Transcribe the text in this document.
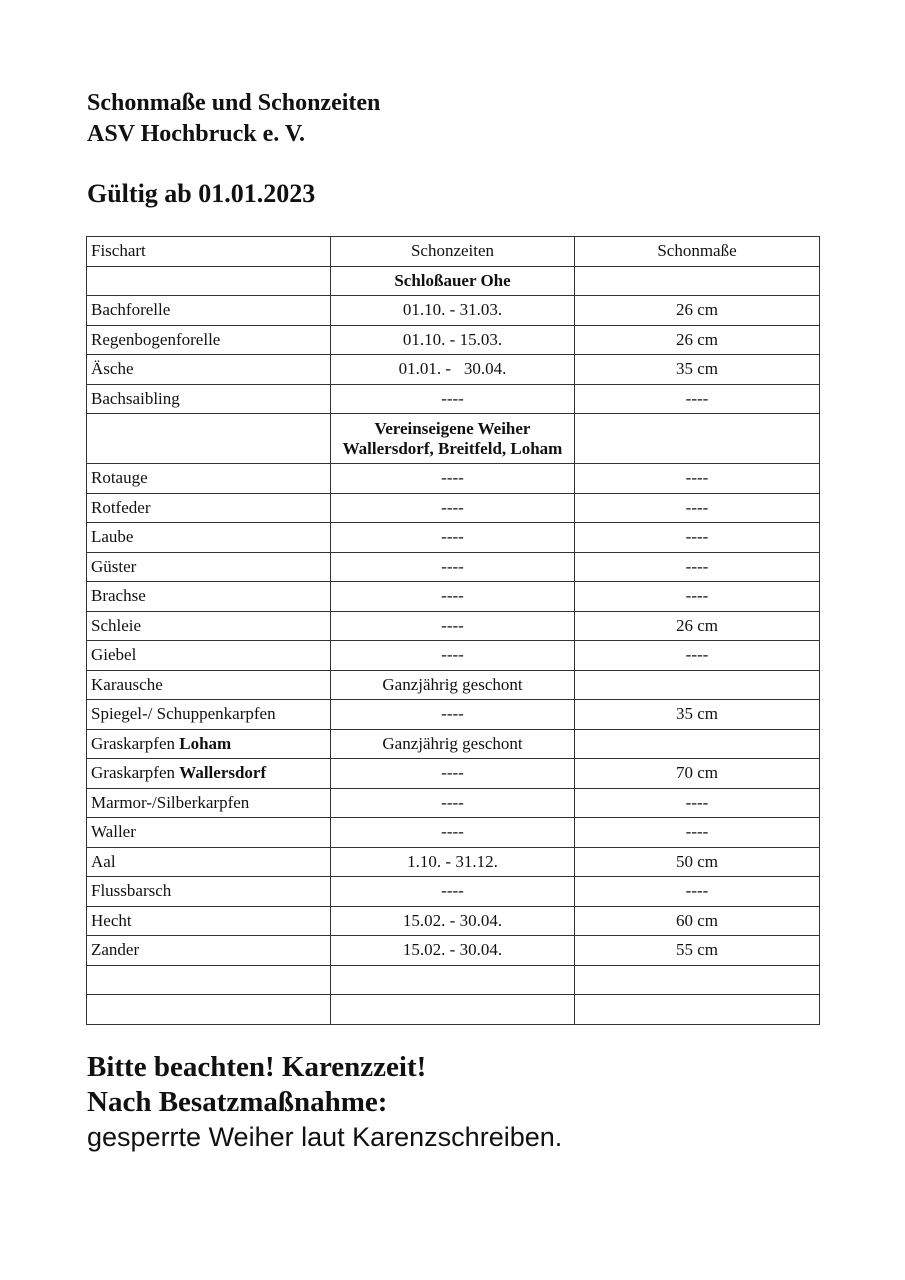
Schonmaße und Schonzeiten
ASV Hochbruck e. V.
Gültig ab 01.01.2023
Fischart	Schonzeiten	Schonmaße
	Schloßauer Ohe	
Bachforelle	01.10. - 31.03.	26 cm
Regenbogenforelle	01.10. - 15.03.	26 cm
Äsche	01.01. -   30.04.	35 cm
Bachsaibling	----	----

	Vereinseigene Weiher
Wallersdorf, Breitfeld, Loham	

Rotauge	----	----
Rotfeder	----	----
Laube	----	----
Güster	----	----
Brachse	----	----
Schleie	----	26 cm
Giebel	----	----
Karausche	Ganzjährig geschont	
Spiegel-/ Schuppenkarpfen	----	35 cm
Graskarpfen Loham	Ganzjährig geschont	
Graskarpfen Wallersdorf	----	70 cm
Marmor-/Silberkarpfen	----	----
Waller	----	----
Aal	1.10. - 31.12.	50 cm
Flussbarsch	----	----
Hecht	15.02. - 30.04.	60 cm
Zander	15.02. - 30.04.	55 cm

Bitte beachten! Karenzzeit!
Nach Besatzmaßnahme:
gesperrte Weiher laut Karenzschreiben.
